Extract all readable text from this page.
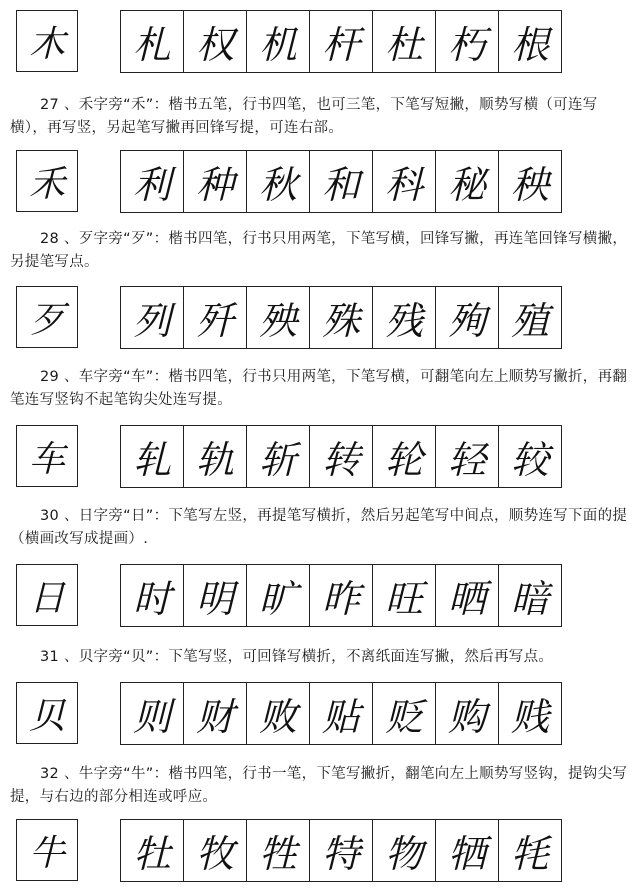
木	札 权 机 杆 杜 朽 根
27 、禾字旁“禾”：楷书五笔，行书四笔，也可三笔，下笔写短撇，顺势写横（可连写横），再写竖，另起笔写撇再回锋写提，可连右部。
禾	利 种 秋 和 科 秘 秧
28 、歹字旁“歹”：楷书四笔，行书只用两笔，下笔写横，回锋写撇，再连笔回锋写横撇，另提笔写点。
歹	列 歼 殃 殊 残 殉 殖
29 、车字旁“车”：楷书四笔，行书只用两笔，下笔写横，可翻笔向左上顺势写撇折，再翻笔连写竖钩不起笔钩尖处连写提。
车	轧 轨 斩 转 轮 轻 较
30 、日字旁“日”：下笔写左竖，再提笔写横折，然后另起笔写中间点，顺势连写下面的提（横画改写成提画）.
日	时 明 旷 昨 旺 晒 暗
31 、贝字旁“贝”：下笔写竖，可回锋写横折，不离纸面连写撇，然后再写点。
贝	则 财 败 贴 贬 购 贱
32 、牛字旁“牛”：楷书四笔，行书一笔，下笔写撇折，翻笔向左上顺势写竖钩，提钩尖写提，与右边的部分相连或呼应。
牛	牡 牧 牲 特 物 牺 牦
